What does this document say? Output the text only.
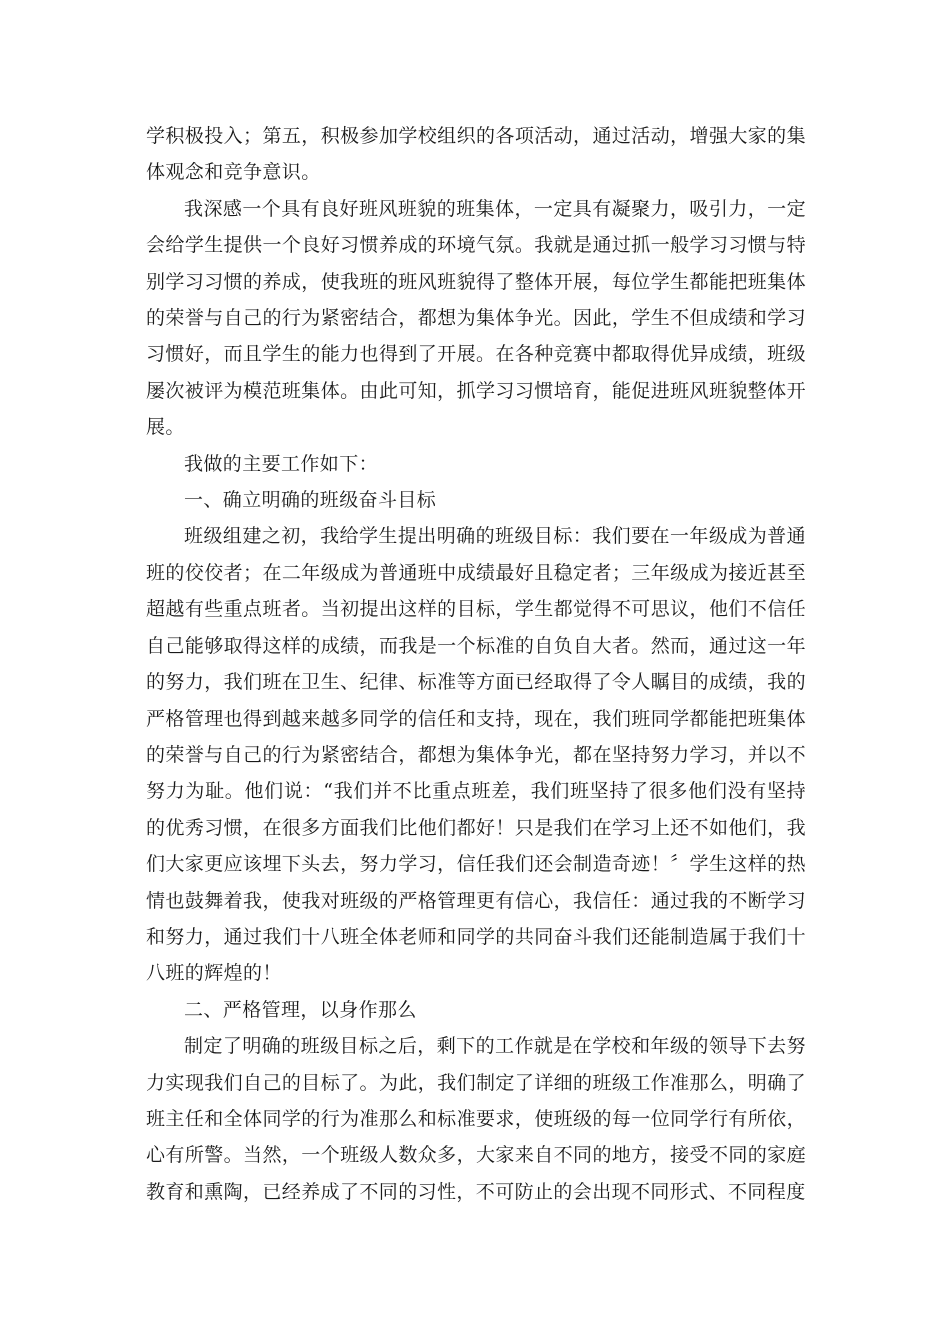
学积极投入；第五，积极参加学校组织的各项活动，通过活动，增强大家的集体观念和竞争意识。

我深感一个具有良好班风班貌的班集体，一定具有凝聚力，吸引力，一定会给学生提供一个良好习惯养成的环境气氛。我就是通过抓一般学习习惯与特别学习习惯的养成，使我班的班风班貌得了整体开展，每位学生都能把班集体的荣誉与自己的行为紧密结合，都想为集体争光。因此，学生不但成绩和学习习惯好，而且学生的能力也得到了开展。在各种竞赛中都取得优异成绩，班级屡次被评为模范班集体。由此可知，抓学习习惯培育，能促进班风班貌整体开展。

我做的主要工作如下：

一、确立明确的班级奋斗目标

班级组建之初，我给学生提出明确的班级目标：我们要在一年级成为普通班的佼佼者；在二年级成为普通班中成绩最好且稳定者；三年级成为接近甚至超越有些重点班者。当初提出这样的目标，学生都觉得不可思议，他们不信任自己能够取得这样的成绩，而我是一个标准的自负自大者。然而，通过这一年的努力，我们班在卫生、纪律、标准等方面已经取得了令人瞩目的成绩，我的严格管理也得到越来越多同学的信任和支持，现在，我们班同学都能把班集体的荣誉与自己的行为紧密结合，都想为集体争光，都在坚持努力学习，并以不努力为耻。他们说：“我们并不比重点班差，我们班坚持了很多他们没有坚持的优秀习惯，在很多方面我们比他们都好！只是我们在学习上还不如他们，我们大家更应该埋下头去，努力学习，信任我们还会制造奇迹！〞学生这样的热情也鼓舞着我，使我对班级的严格管理更有信心，我信任：通过我的不断学习和努力，通过我们十八班全体老师和同学的共同奋斗我们还能制造属于我们十八班的辉煌的！

二、严格管理，以身作那么

制定了明确的班级目标之后，剩下的工作就是在学校和年级的领导下去努力实现我们自己的目标了。为此，我们制定了详细的班级工作准那么，明确了班主任和全体同学的行为准那么和标准要求，使班级的每一位同学行有所依，心有所警。当然，一个班级人数众多，大家来自不同的地方，接受不同的家庭教育和熏陶，已经养成了不同的习性，不可防止的会出现不同形式、不同程度
